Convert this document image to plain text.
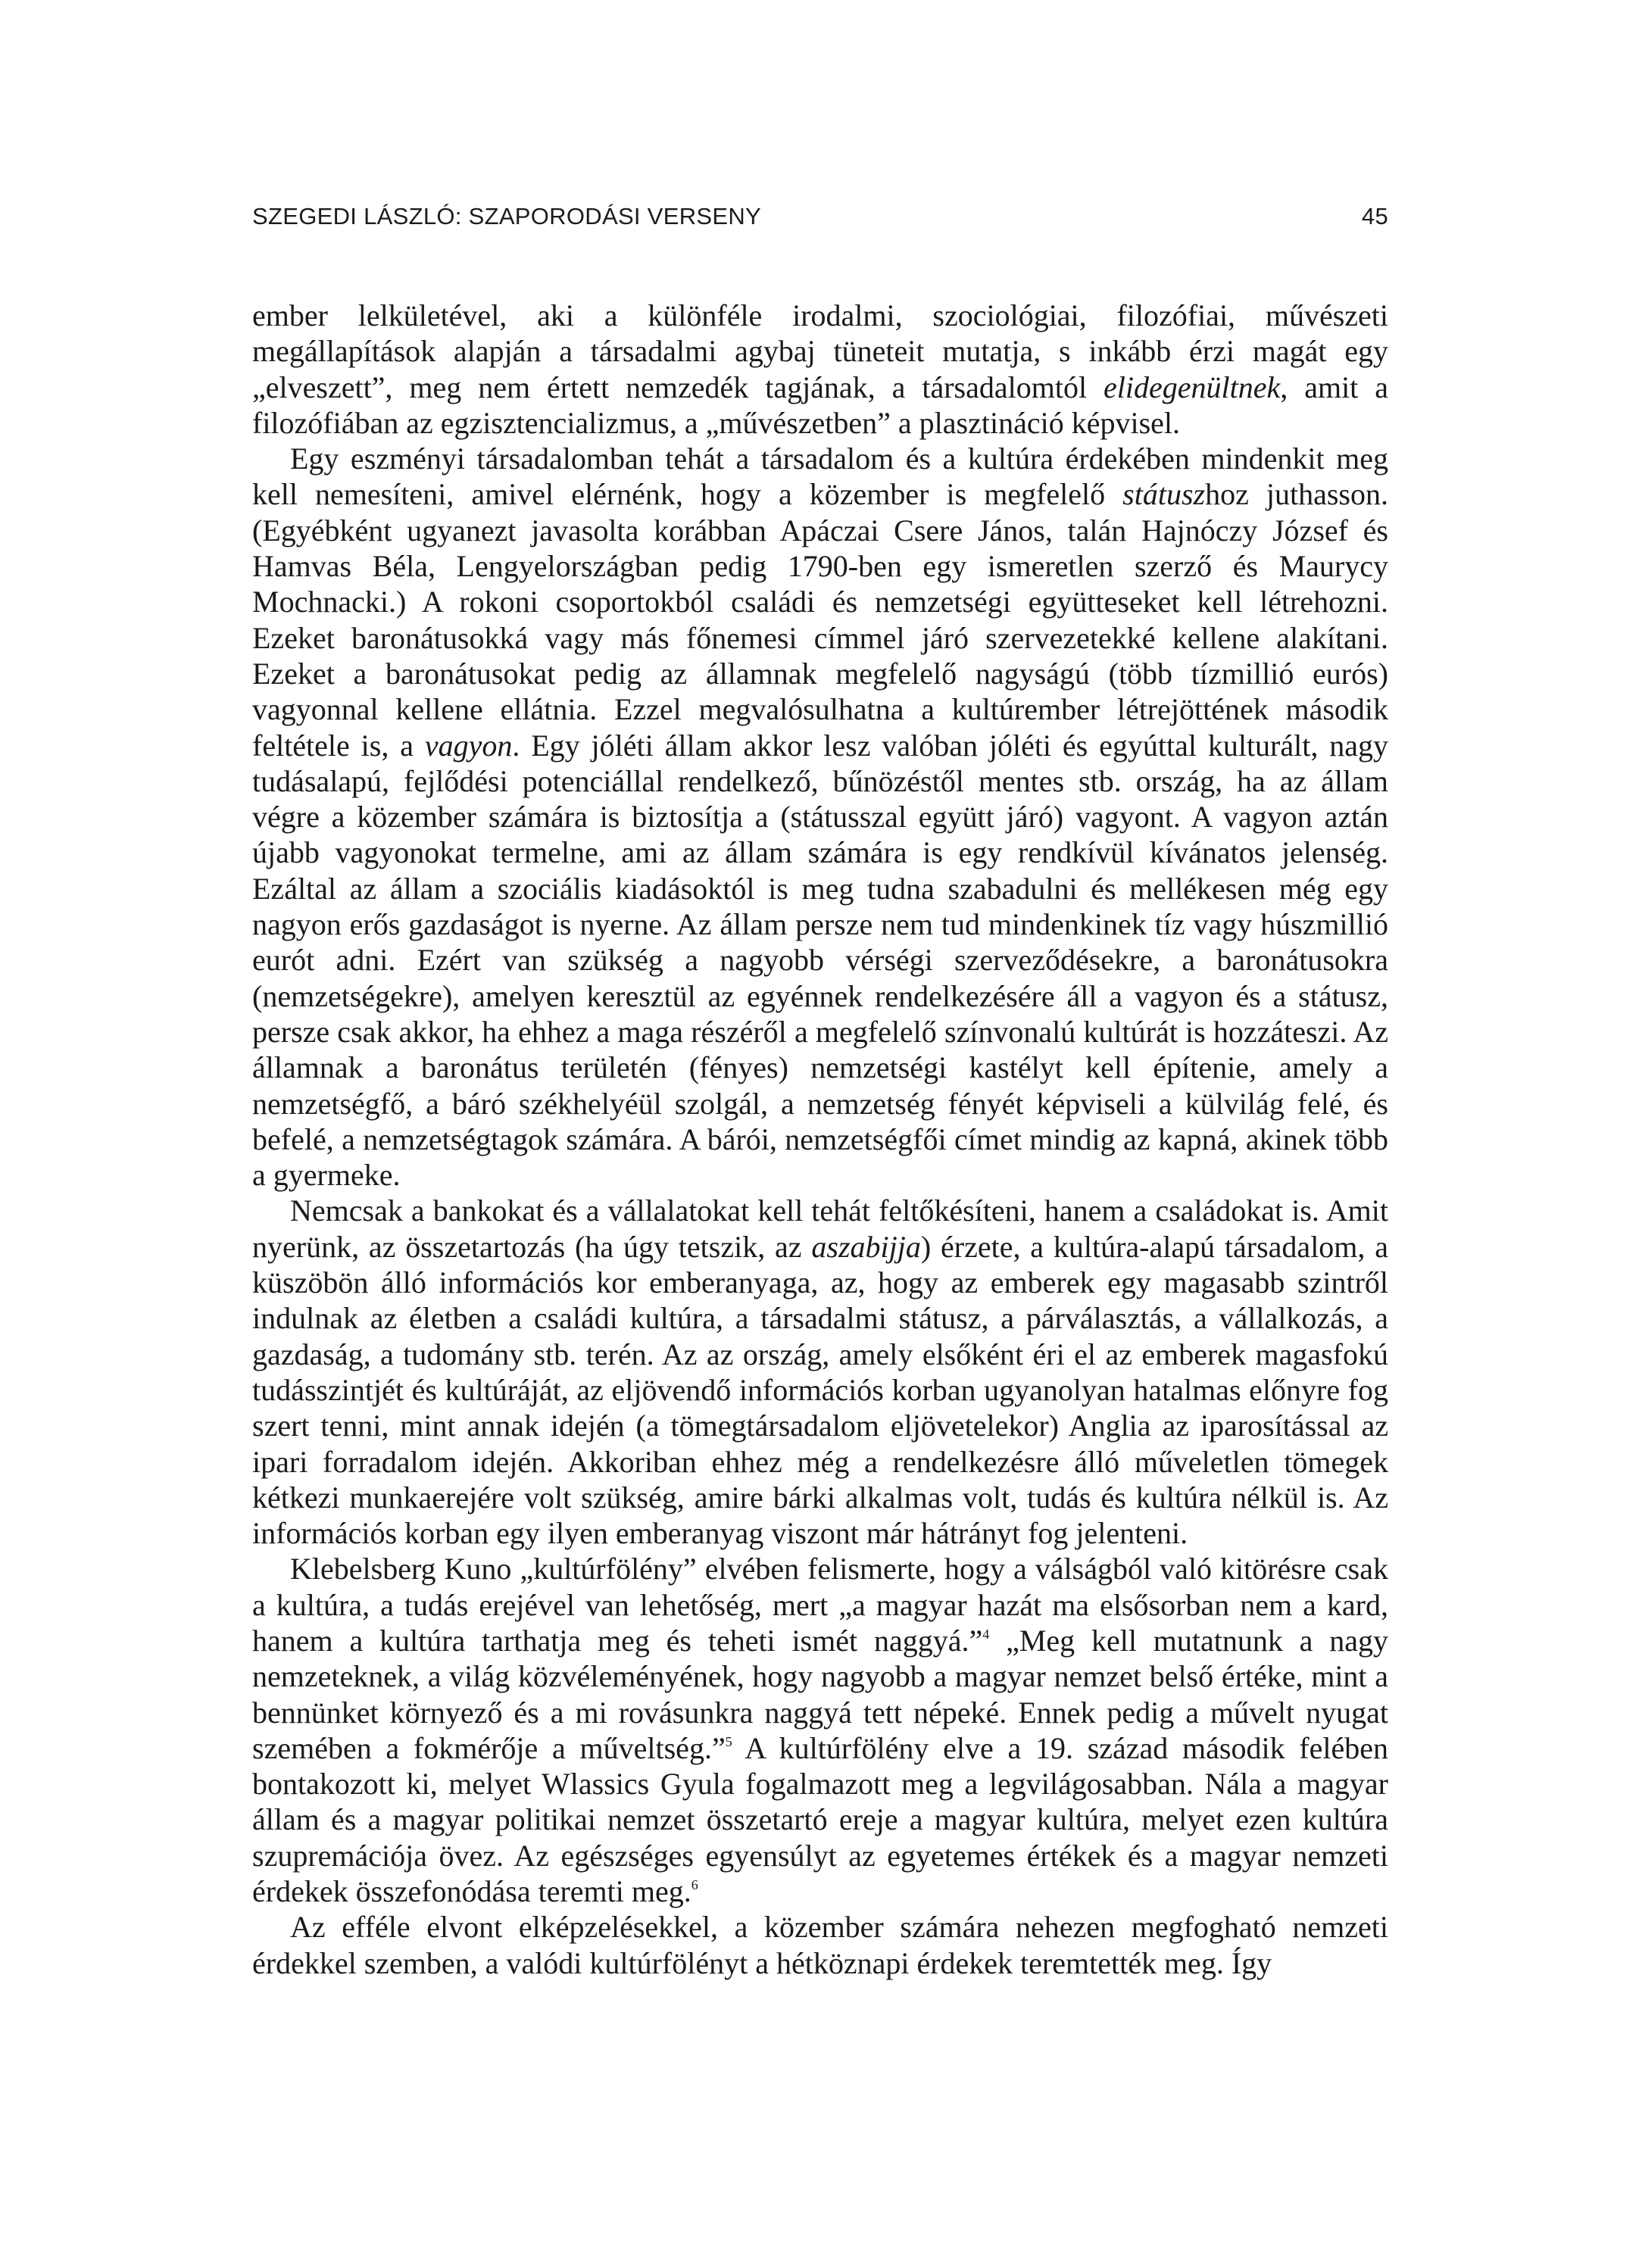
SZEGEDI LÁSZLÓ: SZAPORODÁSI VERSENY	45

ember lelkületével, aki a különféle irodalmi, szociológiai, filozófiai, művészeti megállapítások alapján a társadalmi agybaj tüneteit mutatja, s inkább érzi magát egy „elveszett”, meg nem értett nemzedék tagjának, a társadalomtól elidegenültnek, amit a filozófiában az egzisztencializmus, a „művészetben” a plasztináció képvisel.

Egy eszményi társadalomban tehát a társadalom és a kultúra érdekében mindenkit meg kell nemesíteni, amivel elérnénk, hogy a közember is megfelelő státuszhoz juthasson. (Egyébként ugyanezt javasolta korábban Apáczai Csere János, talán Hajnóczy József és Hamvas Béla, Lengyelországban pedig 1790-ben egy ismeretlen szerző és Maurycy Mochnacki.) A rokoni csoportokból családi és nemzetségi együtteseket kell létrehozni. Ezeket baronátusokká vagy más főnemesi címmel járó szervezetekké kellene alakítani. Ezeket a baronátusokat pedig az államnak megfelelő nagyságú (több tízmillió eurós) vagyonnal kellene ellátnia. Ezzel megvalósulhatna a kultúrember létrejöttének második feltétele is, a vagyon. Egy jóléti állam akkor lesz valóban jóléti és egyúttal kulturált, nagy tudásalapú, fejlődési potenciállal rendelkező, bűnözéstől mentes stb. ország, ha az állam végre a közember számára is biztosítja a (státusszal együtt járó) vagyont. A vagyon aztán újabb vagyonokat termelne, ami az állam számára is egy rendkívül kívánatos jelenség. Ezáltal az állam a szociális kiadásoktól is meg tudna szabadulni és mellékesen még egy nagyon erős gazdaságot is nyerne. Az állam persze nem tud mindenkinek tíz vagy húszmillió eurót adni. Ezért van szükség a nagyobb vérségi szerveződésekre, a baronátusokra (nemzetségekre), amelyen keresztül az egyénnek rendelkezésére áll a vagyon és a státusz, persze csak akkor, ha ehhez a maga részéről a megfelelő színvonalú kultúrát is hozzáteszi. Az államnak a baronátus területén (fényes) nemzetségi kastélyt kell építenie, amely a nemzetségfő, a báró székhelyéül szolgál, a nemzetség fényét képviseli a külvilág felé, és befelé, a nemzetségtagok számára. A bárói, nemzetségfői címet mindig az kapná, akinek több a gyermeke.

Nemcsak a bankokat és a vállalatokat kell tehát feltőkésíteni, hanem a családokat is. Amit nyerünk, az összetartozás (ha úgy tetszik, az aszabijja) érzete, a kultúra-alapú társadalom, a küszöbön álló információs kor emberanyaga, az, hogy az emberek egy magasabb szintről indulnak az életben a családi kultúra, a társadalmi státusz, a párválasztás, a vállalkozás, a gazdaság, a tudomány stb. terén. Az az ország, amely elsőként éri el az emberek magasfokú tudásszintjét és kultúráját, az eljövendő információs korban ugyanolyan hatalmas előnyre fog szert tenni, mint annak idején (a tömegtársadalom eljövetelekor) Anglia az iparosítással az ipari forradalom idején. Akkoriban ehhez még a rendelkezésre álló műveletlen tömegek kétkezi munkaerejére volt szükség, amire bárki alkalmas volt, tudás és kultúra nélkül is. Az információs korban egy ilyen emberanyag viszont már hátrányt fog jelenteni.

Klebelsberg Kuno „kultúrfölény” elvében felismerte, hogy a válságból való kitörésre csak a kultúra, a tudás erejével van lehetőség, mert „a magyar hazát ma elsősorban nem a kard, hanem a kultúra tarthatja meg és teheti ismét naggyá.”$^4$ „Meg kell mutatnunk a nagy nemzeteknek, a világ közvéleményének, hogy nagyobb a magyar nemzet belső értéke, mint a bennünket környező és a mi rovásunkra naggyá tett népeké. Ennek pedig a művelt nyugat szemében a fokmérője a műveltség.”$^5$ A kultúrfölény elve a 19. század második felében bontakozott ki, melyet Wlassics Gyula fogalmazott meg a legvilágosabban. Nála a magyar állam és a magyar politikai nemzet összetartó ereje a magyar kultúra, melyet ezen kultúra szupremációja övez. Az egészséges egyensúlyt az egyetemes értékek és a magyar nemzeti érdekek összefonódása teremti meg.$^6$

Az efféle elvont elképzelésekkel, a közember számára nehezen megfogható nemzeti érdekkel szemben, a valódi kultúrfölényt a hétköznapi érdekek teremtették meg. Így
